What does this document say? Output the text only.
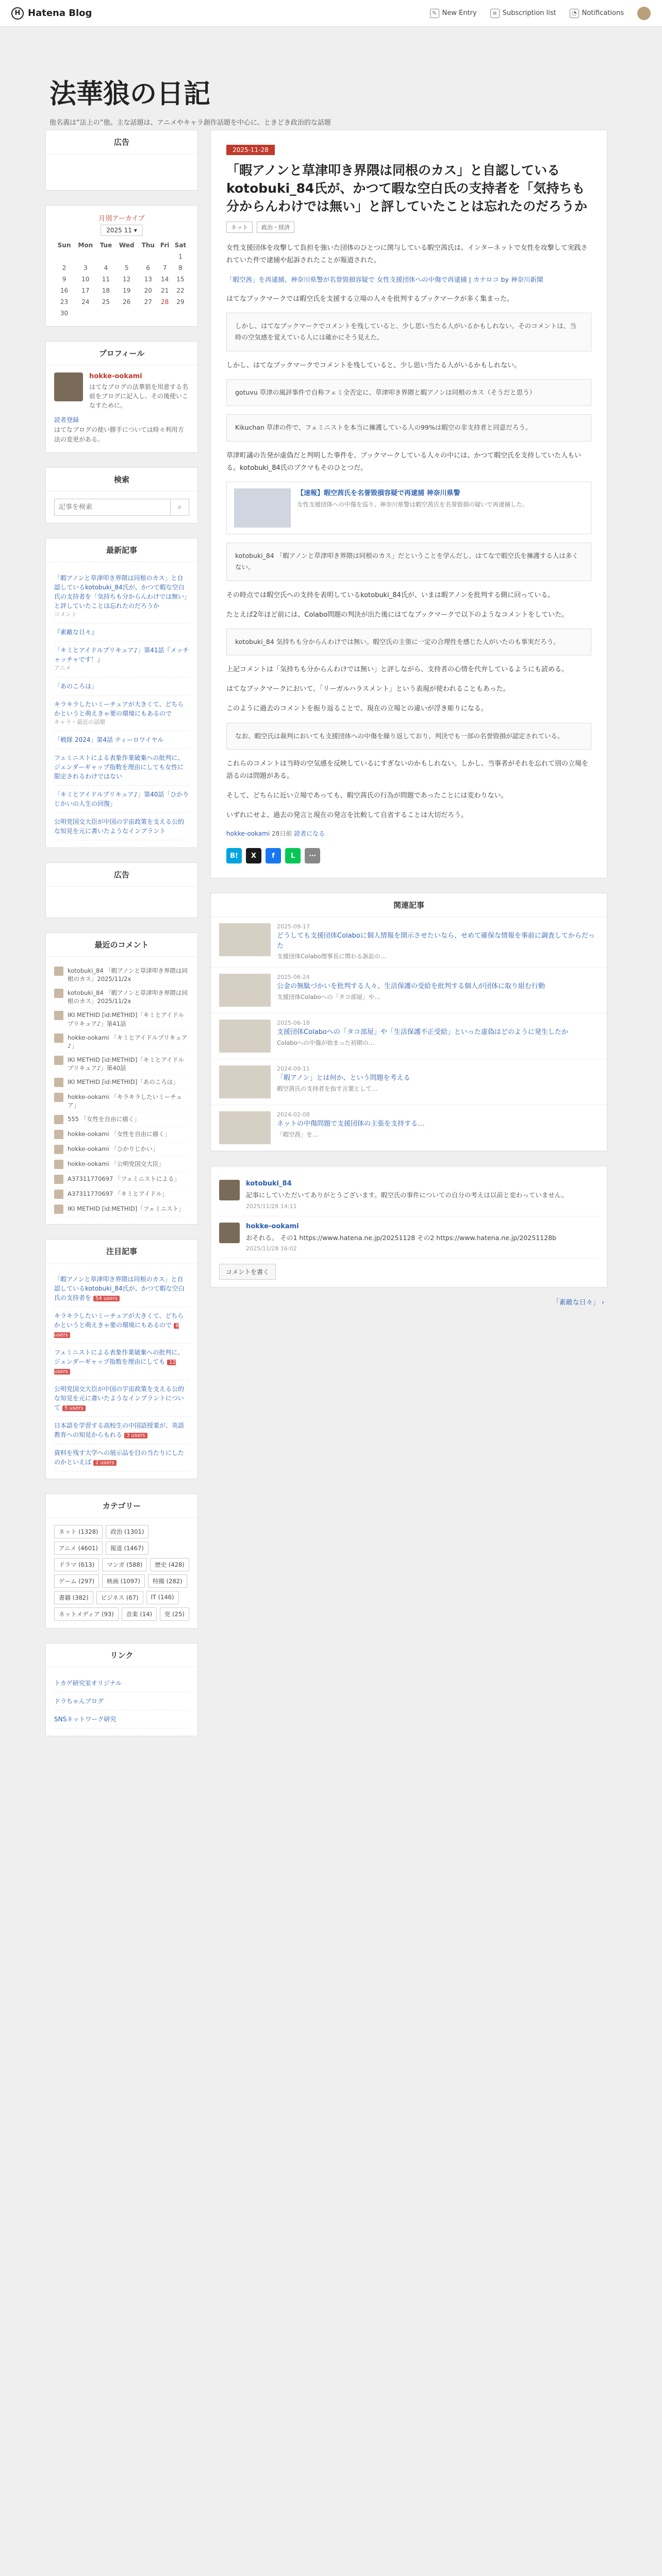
H Hatena Blog	✎ New Entry	≡ Subscription list	◔ Notifications
法華狼の日記
他名義は“法上の”他。主な話題は、アニメやキャラ創作話題を中心に、ときどき政治的な話題
広告
月別アーカイブ
2025 11 ▾
Sun	Mon	Tue	Wed	Thu	Fri	Sat
						1
2	3	4	5	6	7	8
9	10	11	12	13	14	15
16	17	18	19	20	21	22
23	24	25	26	27	28	29
30						
プロフィール
hokke-ookami
はてなブログの法華狼を用意する名前をブログに記入し、その後使いこなすために。
読者登録
はてなブログの使い勝手については時々利用方法の変更がある。
検索
記事を検索
⌕
最新記事
「暇アノンと草津叩き界隈は同根のカス」と自認しているkotobuki_84氏が、かつて暇な空白氏の支持者を「気持ちも分からんわけでは無い」と評していたことは忘れたのだろうか
コメント
『素敵な日々』
「キミとアイドルプリキュア♪」第41話『メッチャッチャです！』
アニメ
「あのころは」
キラキラしたいミーチュアが大きくて、どちらかというと萌えきゃ要の環境にもあるので
キャラ・最近の話題
「戦隊 2024」第4話 ティーロワイヤル
フェミニストによる表象作業破棄への批判に、ジェンダーギャップ指数を理由にしても女性に限定されるわけではない
「キミとアイドルプリキュア♪」第40話「ひかりじかいの人生の回復」
公明党国交大臣が中国の宇宙政策を支える公的な知見を元に書いたようなインプラント
広告
最近のコメント
kotobuki_84 「暇アノンと草津叩き界隈は同根のカス」2025/11/2x
kotobuki_84 「暇アノンと草津叩き界隈は同根のカス」2025/11/2x
IKI METHID [id:METHID]「キミとアイドルプリキュア♪」第41話
hokke-ookami 「キミとアイドルプリキュア♪」
IKI METHID [id:METHID]「キミとアイドルプリキュア♪」第40話
IKI METHID [id:METHID]「あのころは」
hokke-ookami 「キラキラしたいミーチュア」
555 「女性を自由に描く」
hokke-ookami 「女性を自由に描く」
hokke-ookami 「ひかりじかい」
hokke-ookami 「公明党国交大臣」
A37311770697 「フェミニストによる」
A37311770697 「キミとアイドル」
IKI METHID [id:METHID]「フェミニスト」
注目記事
「暇アノンと草津叩き界隈は同根のカス」と自認しているkotobuki_84氏が、かつて暇な空白氏の支持者を 54 users
キラキラしたいミーチュアが大きくて、どちらかというと萌えきゃ要の環境にもあるので 8 users
フェミニストによる表象作業破棄への批判に、ジェンダーギャップ指数を理由にしても 12 users
公明党国交大臣が中国の宇宙政策を支える公的な知見を元に書いたようなインプラントについて 5 users
日本語を学習する高校生の中国語授業が、英語教育への知見からもれる 3 users
資料を残す大学への展示品を目の当たりにしたのかといえば 2 users
カテゴリー
ネット (1328)	政治 (1301)
アニメ (4601)	報道 (1467)
ドラマ (613)	マンガ (588)	歴史 (428)
ゲーム (297)	映画 (1097)	特撮 (282)
書籍 (382)	ビジネス (67)	IT (146)
ネットメディア (93)	音楽 (14)	党 (25)
リンク
トカゲ研究室オリジナル
ドラちゃんブログ
SNSネットワーク研究
2025-11-28
「暇アノンと草津叩き界隈は同根のカス」と自認しているkotobuki_84氏が、かつて暇な空白氏の支持者を「気持ちも分からんわけでは無い」と評していたことは忘れたのだろうか
ネット	政治・経済

女性支援団体を攻撃して負担を強いた団体のひとつに関与している暇空茜氏は、インターネットで女性を攻撃して実践されていた件で逮捕や起訴されたことが報道された。

「暇空茜」を再逮捕、神奈川県警が名誉毀損容疑で 女性支援団体への中傷で再逮捕 | カナロコ by 神奈川新聞

はてなブックマークでは暇空氏を支援する立場の人々を批判するブックマークが多く集まった。

しかし、はてなブックマークでコメントを残していると、少し思い当たる人がいるかもしれない。そのコメントは、当時の空気感を覚えている人には確かにそう見えた。

しかし、はてなブックマークでコメントを残していると、少し思い当たる人がいるかもしれない。

gotuvu 草津の風評事件で自称フェミ全否定に、草津叩き界隈と暇アノンは同根のカス（そうだと思う）
Kikuchan 草津の件で、フェミニストを本当に擁護している人の99%は暇空の非支持者と同意だろう。

草津町議の告発が虚偽だと判明した事件を、ブックマークしている人々の中には、かつて暇空氏を支持していた人もいる。kotobuki_84氏のブクマもそのひとつだ。

【速報】暇空茜氏を名誉毀損容疑で再逮捕 神奈川県警
女性支援団体への中傷を巡り、神奈川県警は暇空茜氏を名誉毀損の疑いで再逮捕した。
kotobuki_84 「暇アノンと草津叩き界隈は同根のカス」だということを学んだし、はてなで暇空氏を擁護する人は多くない。

その時点では暇空氏への支持を表明しているkotobuki_84氏が、いまは暇アノンを批判する側に回っている。

たとえば2年ほど前には、Colabo問題の判決が出た後にはてなブックマークで以下のようなコメントをしていた。

kotobuki_84 気持ちも分からんわけでは無い。暇空氏の主張に一定の合理性を感じた人がいたのも事実だろう。

上記コメントは「気持ちも分からんわけでは無い」と評しながら、支持者の心情を代弁しているようにも読める。

はてなブックマークにおいて、「リーガルハラスメント」という表現が使われることもあった。

このように過去のコメントを振り返ることで、現在の立場との違いが浮き彫りになる。

なお、暇空氏は裁判においても支援団体への中傷を繰り返しており、判決でも一部の名誉毀損が認定されている。

これらのコメントは当時の空気感を反映しているにすぎないのかもしれない。しかし、当事者がそれを忘れて別の立場を語るのは問題がある。

そして、どちらに近い立場であっても、暇空茜氏の行為が問題であったことには変わりない。

いずれにせよ、過去の発言と現在の発言を比較して自省することは大切だろう。

hokke-ookami 28日前 読者になる
B!	X	f	L	⋯
関連記事
2025-09-17
どうしても支援団体Colaboに個人情報を開示させたいなら、せめて確保な情報を事前に調査してからだった
支援団体Colabo理事長に関わる訴訟の…
2025-06-24
公金の無駄づかいを批判する人々、生活保護の受給を批判する個人が団体に取り組む行動
支援団体Colaboへの「タコ部屋」や…
2025-06-18
支援団体Colaboへの「タコ部屋」や「生活保護不正受給」といった虚偽はどのように発生したか
Colaboへの中傷が始まった初期の…
2024-09-11
「暇アノン」とは何か、という問題を考える
暇空茜氏の支持者を指す言葉として…
2024-02-08
ネットの中傷問題で支援団体の主張を支持する…
「暇空茜」を…
kotobuki_84
記事にしていただいてありがとうございます。暇空氏の事件についての自分の考えは以前と変わっていません。
2025/11/28 14:11
hokke-ookami
おそれる。 その1 https://www.hatena.ne.jp/20251128 その2 https://www.hatena.ne.jp/20251128b
2025/11/28 16:02
コメントを書く
「素敵な日々」 ›
